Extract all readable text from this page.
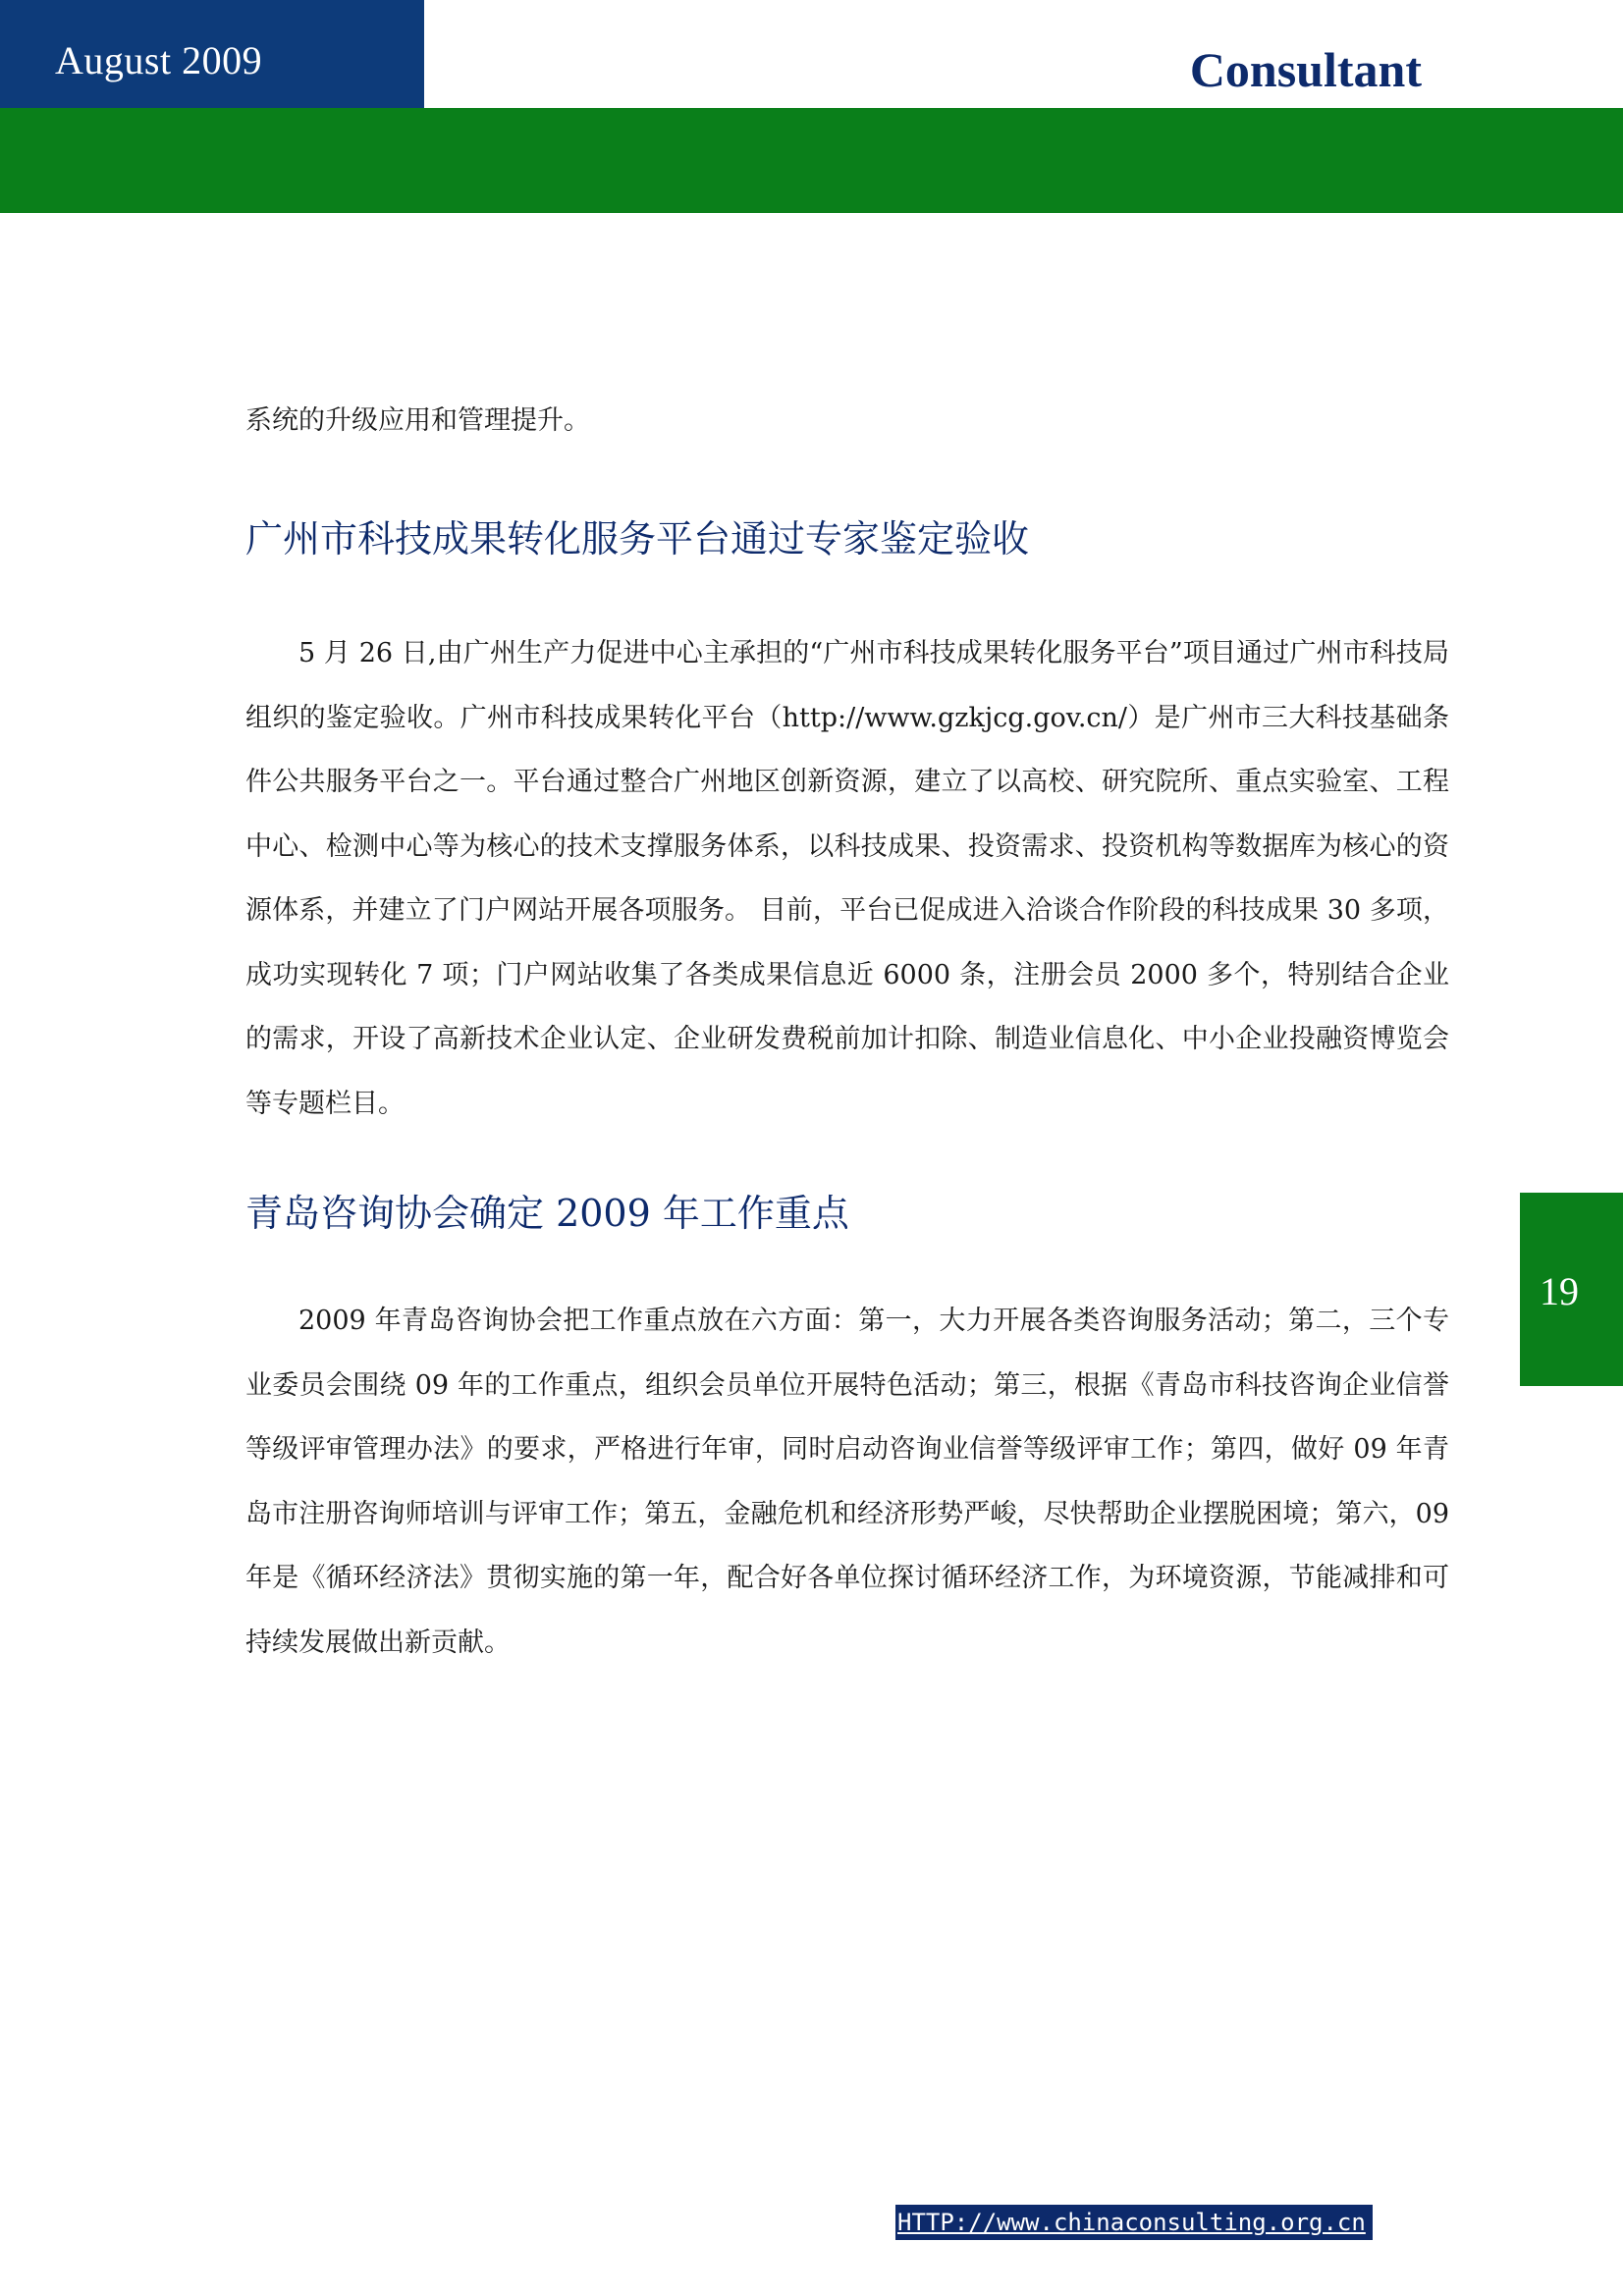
August 2009	Consultant

系统的升级应用和管理提升。

广州市科技成果转化服务平台通过专家鉴定验收

5 月 26 日,由广州生产力促进中心主承担的“广州市科技成果转化服务平台”项目通过广州市科技局组织的鉴定验收。广州市科技成果转化平台（http://www.gzkjcg.gov.cn/）是广州市三大科技基础条件公共服务平台之一。平台通过整合广州地区创新资源，建立了以高校、研究院所、重点实验室、工程中心、检测中心等为核心的技术支撑服务体系，以科技成果、投资需求、投资机构等数据库为核心的资源体系，并建立了门户网站开展各项服务。 目前，平台已促成进入洽谈合作阶段的科技成果 30 多项，成功实现转化 7 项；门户网站收集了各类成果信息近 6000 条，注册会员 2000 多个，特别结合企业的需求，开设了高新技术企业认定、企业研发费税前加计扣除、制造业信息化、中小企业投融资博览会等专题栏目。

青岛咨询协会确定 2009 年工作重点

2009 年青岛咨询协会把工作重点放在六方面：第一，大力开展各类咨询服务活动；第二，三个专业委员会围绕 09 年的工作重点，组织会员单位开展特色活动；第三，根据《青岛市科技咨询企业信誉等级评审管理办法》的要求，严格进行年审，同时启动咨询业信誉等级评审工作；第四，做好 09 年青岛市注册咨询师培训与评审工作；第五，金融危机和经济形势严峻，尽快帮助企业摆脱困境；第六，09 年是《循环经济法》贯彻实施的第一年，配合好各单位探讨循环经济工作，为环境资源，节能减排和可持续发展做出新贡献。

19
HTTP://www.chinaconsulting.org.cn
